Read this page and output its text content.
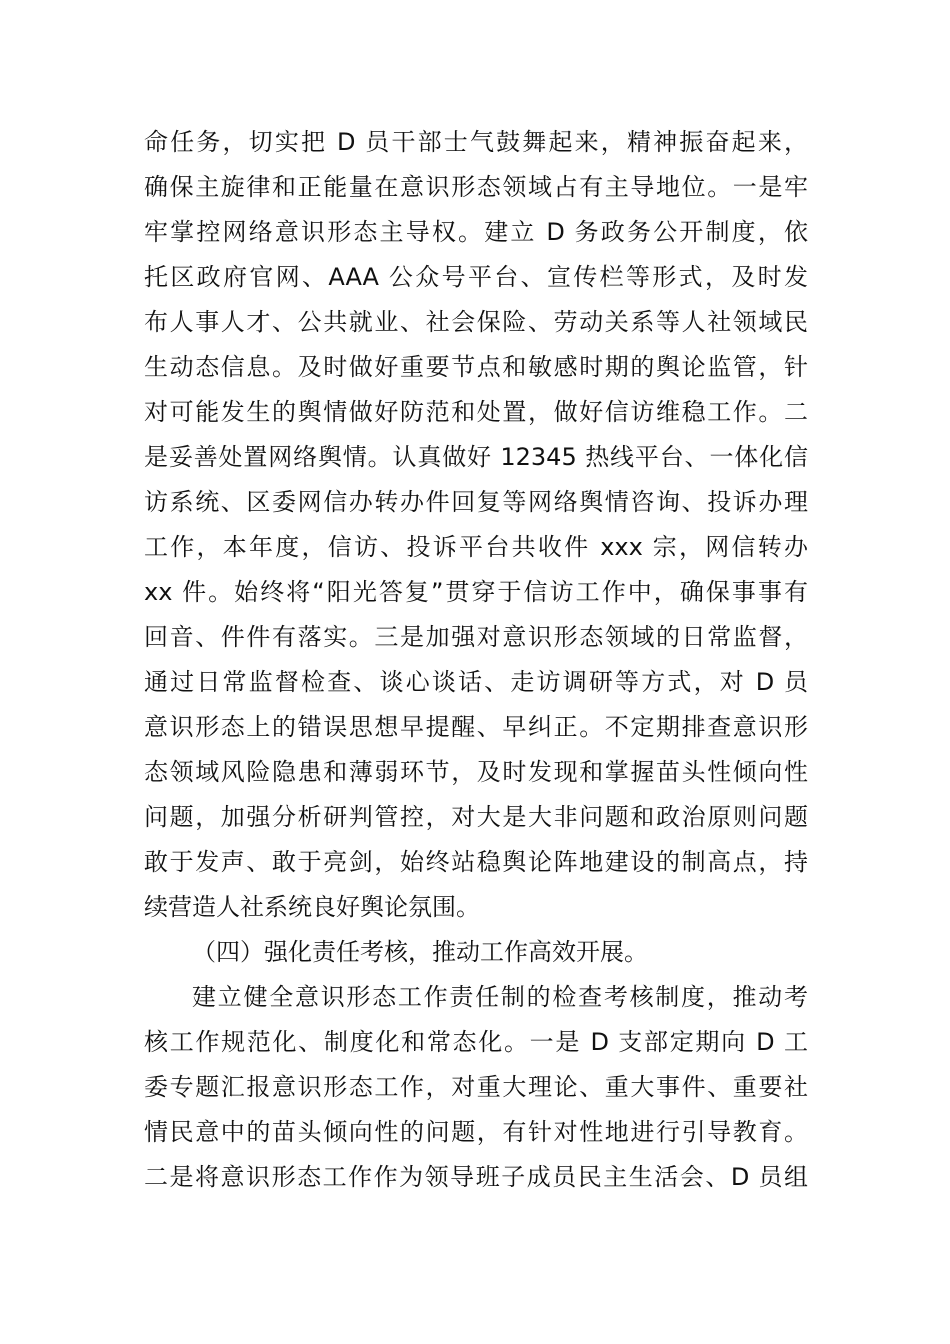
命任务，切实把 D 员干部士气鼓舞起来，精神振奋起来，
确保主旋律和正能量在意识形态领域占有主导地位。一是牢
牢掌控网络意识形态主导权。建立 D 务政务公开制度，依
托区政府官网、AAA 公众号平台、宣传栏等形式，及时发
布人事人才、公共就业、社会保险、劳动关系等人社领域民
生动态信息。及时做好重要节点和敏感时期的舆论监管，针
对可能发生的舆情做好防范和处置，做好信访维稳工作。二
是妥善处置网络舆情。认真做好 12345 热线平台、一体化信
访系统、区委网信办转办件回复等网络舆情咨询、投诉办理
工作，本年度，信访、投诉平台共收件 xxx 宗，网信转办
xx 件。始终将“阳光答复”贯穿于信访工作中，确保事事有
回音、件件有落实。三是加强对意识形态领域的日常监督，
通过日常监督检查、谈心谈话、走访调研等方式，对 D 员
意识形态上的错误思想早提醒、早纠正。不定期排查意识形
态领域风险隐患和薄弱环节，及时发现和掌握苗头性倾向性
问题，加强分析研判管控，对大是大非问题和政治原则问题
敢于发声、敢于亮剑，始终站稳舆论阵地建设的制高点，持
续营造人社系统良好舆论氛围。
（四）强化责任考核，推动工作高效开展。
建立健全意识形态工作责任制的检查考核制度，推动考
核工作规范化、制度化和常态化。一是 D 支部定期向 D 工
委专题汇报意识形态工作，对重大理论、重大事件、重要社
情民意中的苗头倾向性的问题，有针对性地进行引导教育。
二是将意识形态工作作为领导班子成员民主生活会、D 员组
